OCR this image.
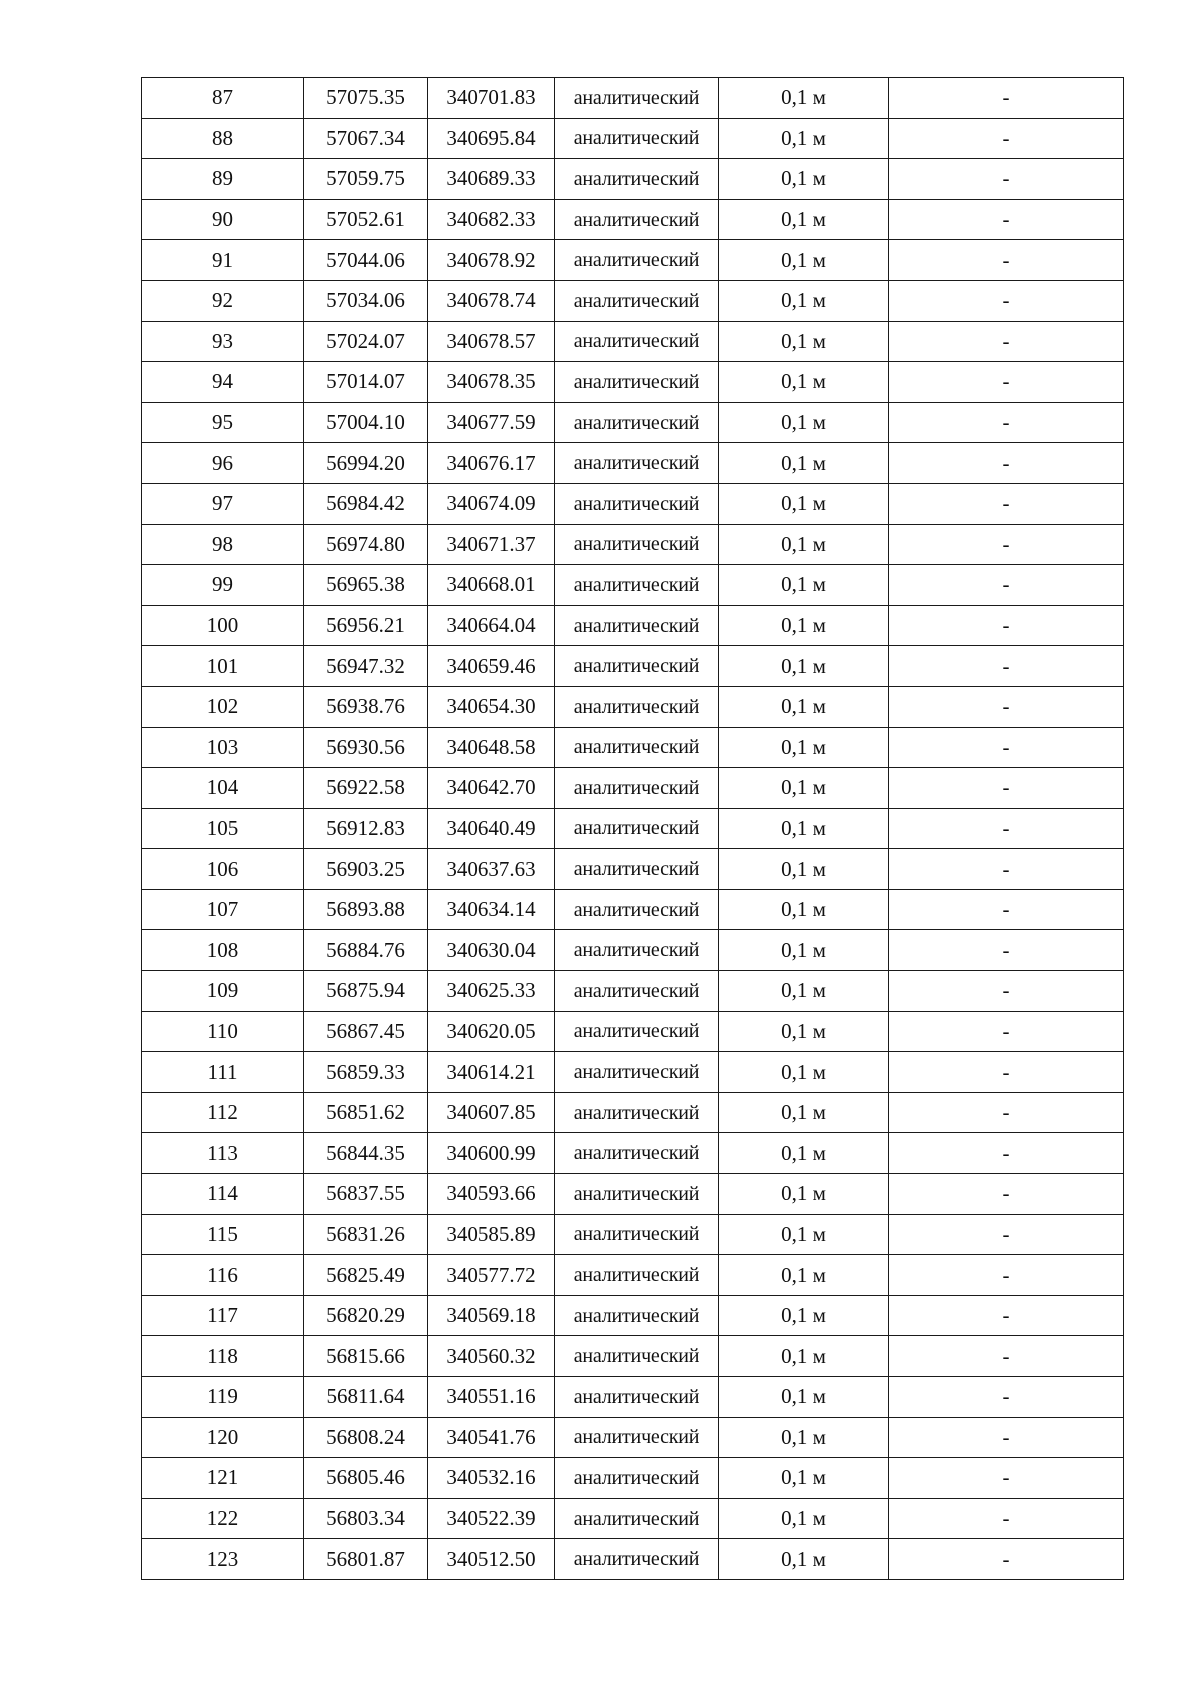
87	57075.35	340701.83	аналитический	0,1 м	-
88	57067.34	340695.84	аналитический	0,1 м	-
89	57059.75	340689.33	аналитический	0,1 м	-
90	57052.61	340682.33	аналитический	0,1 м	-
91	57044.06	340678.92	аналитический	0,1 м	-
92	57034.06	340678.74	аналитический	0,1 м	-
93	57024.07	340678.57	аналитический	0,1 м	-
94	57014.07	340678.35	аналитический	0,1 м	-
95	57004.10	340677.59	аналитический	0,1 м	-
96	56994.20	340676.17	аналитический	0,1 м	-
97	56984.42	340674.09	аналитический	0,1 м	-
98	56974.80	340671.37	аналитический	0,1 м	-
99	56965.38	340668.01	аналитический	0,1 м	-
100	56956.21	340664.04	аналитический	0,1 м	-
101	56947.32	340659.46	аналитический	0,1 м	-
102	56938.76	340654.30	аналитический	0,1 м	-
103	56930.56	340648.58	аналитический	0,1 м	-
104	56922.58	340642.70	аналитический	0,1 м	-
105	56912.83	340640.49	аналитический	0,1 м	-
106	56903.25	340637.63	аналитический	0,1 м	-
107	56893.88	340634.14	аналитический	0,1 м	-
108	56884.76	340630.04	аналитический	0,1 м	-
109	56875.94	340625.33	аналитический	0,1 м	-
110	56867.45	340620.05	аналитический	0,1 м	-
111	56859.33	340614.21	аналитический	0,1 м	-
112	56851.62	340607.85	аналитический	0,1 м	-
113	56844.35	340600.99	аналитический	0,1 м	-
114	56837.55	340593.66	аналитический	0,1 м	-
115	56831.26	340585.89	аналитический	0,1 м	-
116	56825.49	340577.72	аналитический	0,1 м	-
117	56820.29	340569.18	аналитический	0,1 м	-
118	56815.66	340560.32	аналитический	0,1 м	-
119	56811.64	340551.16	аналитический	0,1 м	-
120	56808.24	340541.76	аналитический	0,1 м	-
121	56805.46	340532.16	аналитический	0,1 м	-
122	56803.34	340522.39	аналитический	0,1 м	-
123	56801.87	340512.50	аналитический	0,1 м	-
